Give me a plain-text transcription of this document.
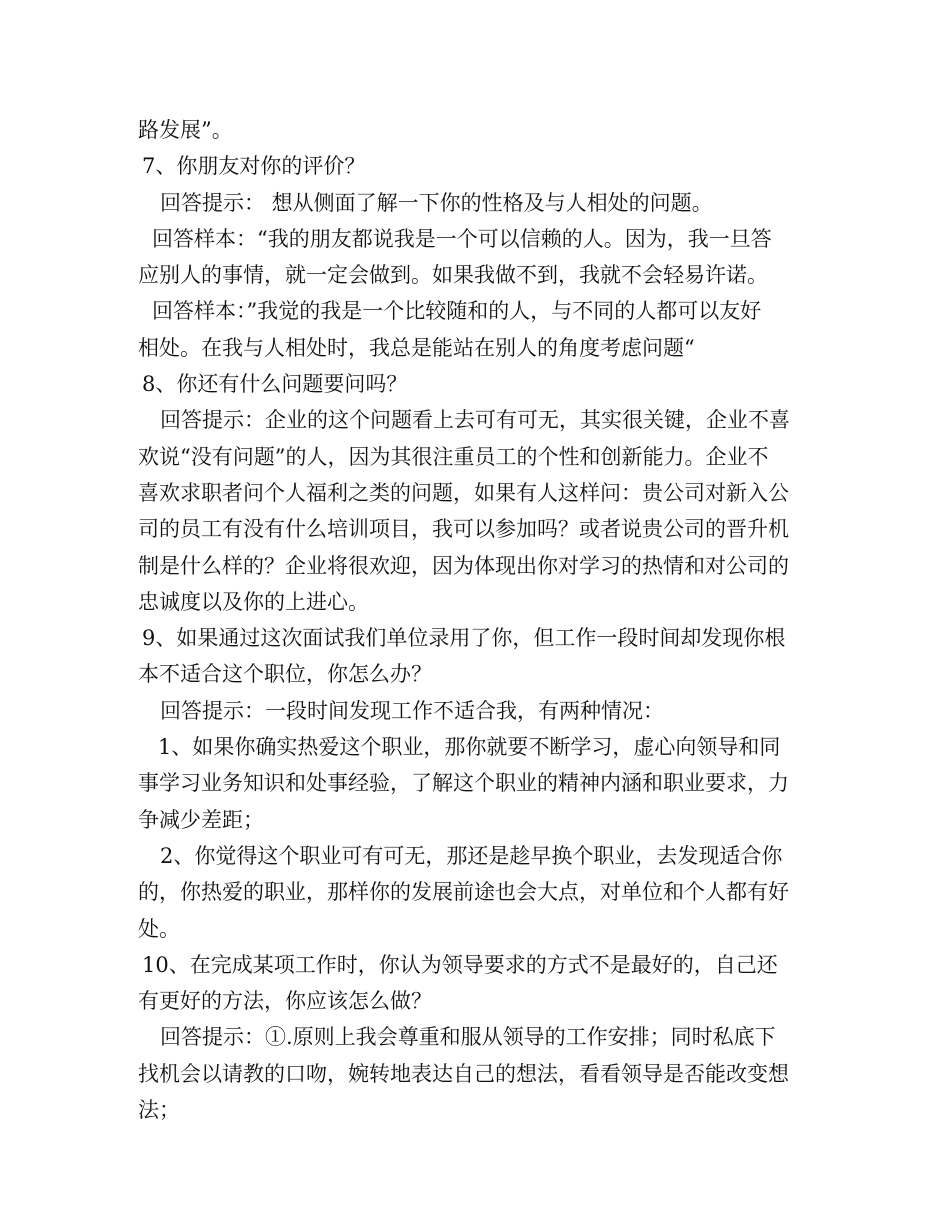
路发展”。
7、你朋友对你的评价？
回答提示： 想从侧面了解一下你的性格及与人相处的问题。
回答样本：“我的朋友都说我是一个可以信赖的人。因为，我一旦答
应别人的事情，就一定会做到。如果我做不到，我就不会轻易许诺。
回答样本：”我觉的我是一个比较随和的人，与不同的人都可以友好
相处。在我与人相处时，我总是能站在别人的角度考虑问题“
8、你还有什么问题要问吗？
回答提示：企业的这个问题看上去可有可无，其实很关键，企业不喜
欢说“没有问题”的人，因为其很注重员工的个性和创新能力。企业不
喜欢求职者问个人福利之类的问题，如果有人这样问：贵公司对新入公
司的员工有没有什么培训项目，我可以参加吗？或者说贵公司的晋升机
制是什么样的？企业将很欢迎，因为体现出你对学习的热情和对公司的
忠诚度以及你的上进心。
9、如果通过这次面试我们单位录用了你，但工作一段时间却发现你根
本不适合这个职位，你怎么办？
回答提示：一段时间发现工作不适合我，有两种情况：
1、如果你确实热爱这个职业，那你就要不断学习，虚心向领导和同
事学习业务知识和处事经验，了解这个职业的精神内涵和职业要求，力
争减少差距；
2、你觉得这个职业可有可无，那还是趁早换个职业，去发现适合你
的，你热爱的职业，那样你的发展前途也会大点，对单位和个人都有好
处。
10、在完成某项工作时，你认为领导要求的方式不是最好的，自己还
有更好的方法，你应该怎么做？
回答提示：①.原则上我会尊重和服从领导的工作安排；同时私底下
找机会以请教的口吻，婉转地表达自己的想法，看看领导是否能改变想
法；
